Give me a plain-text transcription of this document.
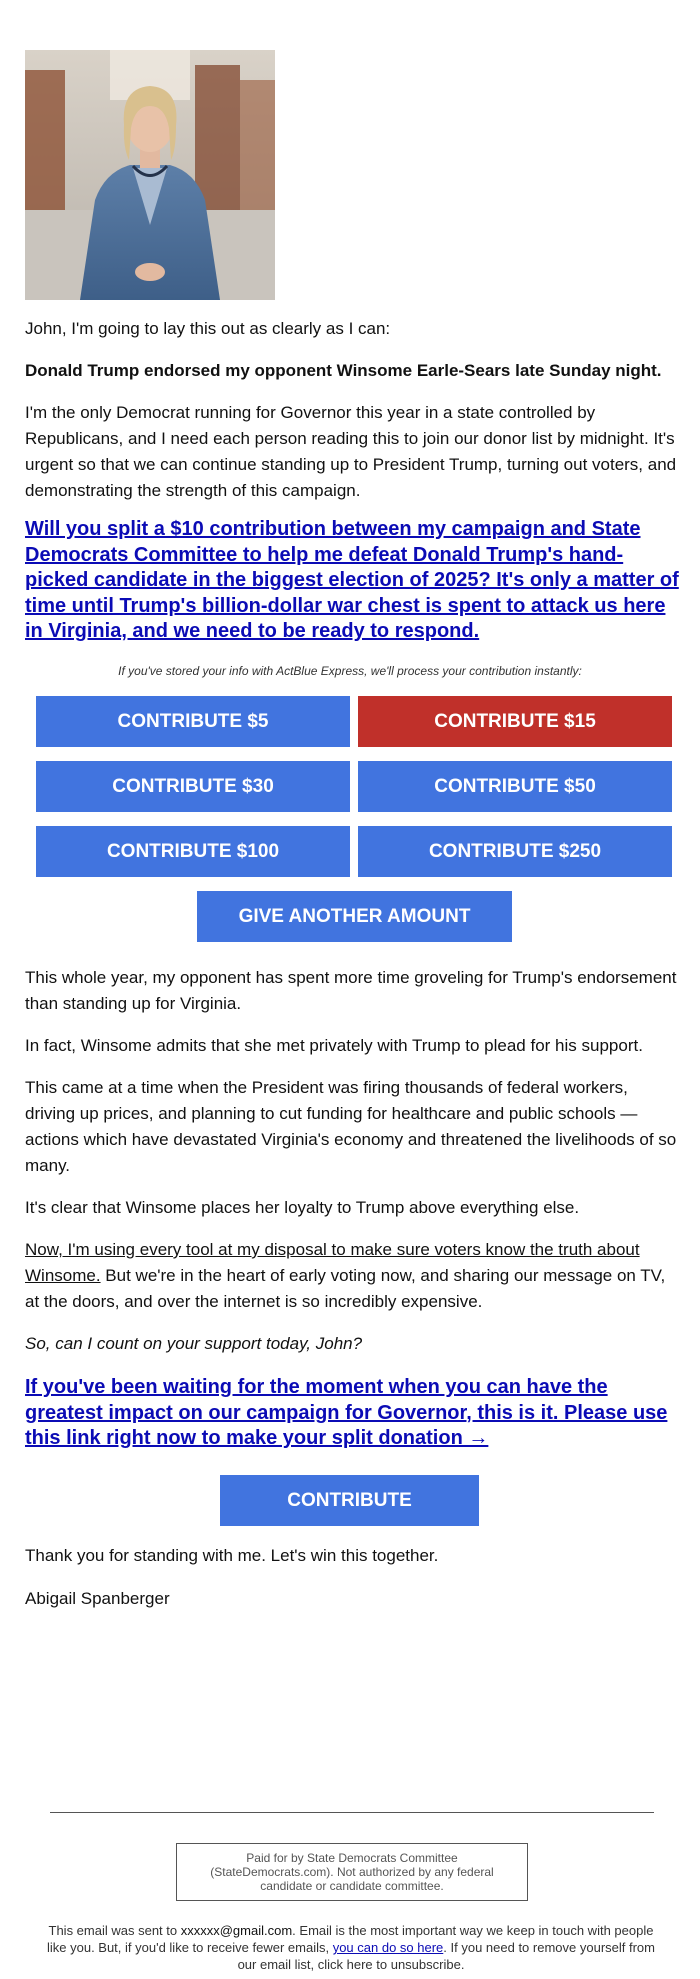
John, I'm going to lay this out as clearly as I can:

Donald Trump endorsed my opponent Winsome Earle-Sears late Sunday night.

I'm the only Democrat running for Governor this year in a state controlled by Republicans, and I need each person reading this to join our donor list by midnight. It's urgent so that we can continue standing up to President Trump, turning out voters, and demonstrating the strength of this campaign.

Will you split a $10 contribution between my campaign and State Democrats Committee to help me defeat Donald Trump's hand-picked candidate in the biggest election of 2025? It's only a matter of time until Trump's billion-dollar war chest is spent to attack us here in Virginia, and we need to be ready to respond.

If you've stored your info with ActBlue Express, we'll process your contribution instantly:
CONTRIBUTE $5	CONTRIBUTE $15
CONTRIBUTE $30	CONTRIBUTE $50
CONTRIBUTE $100	CONTRIBUTE $250
GIVE ANOTHER AMOUNT

This whole year, my opponent has spent more time groveling for Trump's endorsement than standing up for Virginia.

In fact, Winsome admits that she met privately with Trump to plead for his support.

This came at a time when the President was firing thousands of federal workers, driving up prices, and planning to cut funding for healthcare and public schools — actions which have devastated Virginia's economy and threatened the livelihoods of so many.

It's clear that Winsome places her loyalty to Trump above everything else.

Now, I'm using every tool at my disposal to make sure voters know the truth about Winsome. But we're in the heart of early voting now, and sharing our message on TV, at the doors, and over the internet is so incredibly expensive.

So, can I count on your support today, John?

If you've been waiting for the moment when you can have the greatest impact on our campaign for Governor, this is it. Please use this link right now to make your split donation →

CONTRIBUTE

Thank you for standing with me. Let's win this together.

Abigail Spanberger

Paid for by State Democrats Committee (StateDemocrats.com). Not authorized by any federal candidate or candidate committee.
This email was sent to xxxxxx@gmail.com. Email is the most important way we keep in touch with people like you. But, if you'd like to receive fewer emails, you can do so here. If you need to remove yourself from our email list, click here to unsubscribe.
